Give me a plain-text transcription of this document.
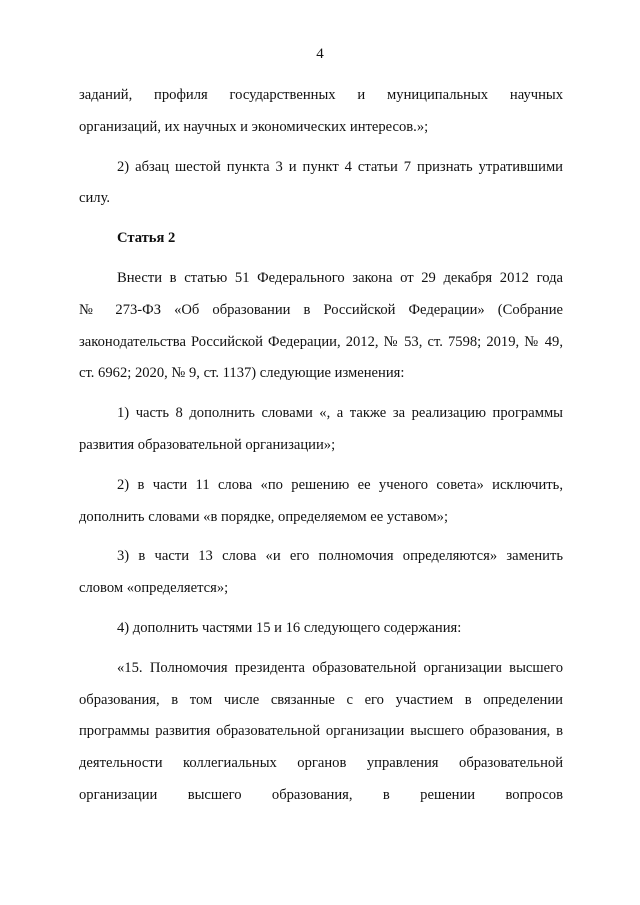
4
заданий, профиля государственных и муниципальных научных
организаций, их научных и экономических интересов.»;
2) абзац шестой пункта 3 и пункт 4 статьи 7 признать утратившими
силу.
Статья 2
Внести в статью 51 Федерального закона от 29 декабря 2012 года
№ 273-ФЗ «Об образовании в Российской Федерации» (Собрание
законодательства Российской Федерации, 2012, № 53, ст. 7598; 2019, № 49,
ст. 6962; 2020, № 9, ст. 1137) следующие изменения:
1) часть 8 дополнить словами «, а также за реализацию программы
развития образовательной организации»;
2) в части 11 слова «по решению ее ученого совета» исключить,
дополнить словами «в порядке, определяемом ее уставом»;
3) в части 13 слова «и его полномочия определяются» заменить
словом «определяется»;
4) дополнить частями 15 и 16 следующего содержания:
«15. Полномочия президента образовательной организации высшего
образования, в том числе связанные с его участием в определении
программы развития образовательной организации высшего образования, в
деятельности коллегиальных органов управления образовательной
организации высшего образования, в решении вопросов
